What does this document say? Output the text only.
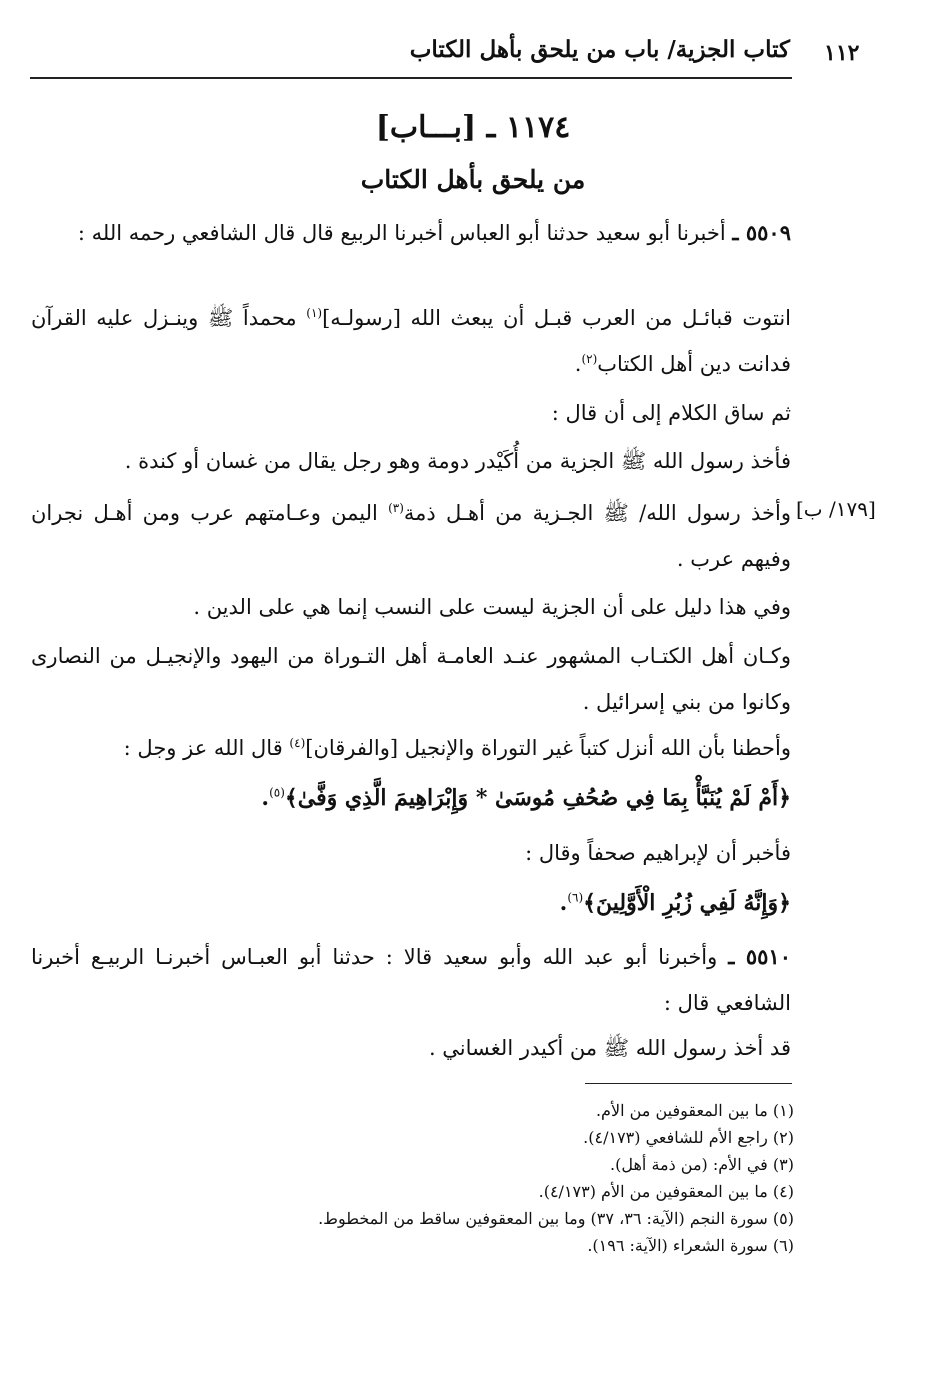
كتاب الجزية/ باب من يلحق بأهل الكتاب ١١٢
١١٧٤ ـ [بـــاب]
من يلحق بأهل الكتاب
٥٥٠٩ ـ أخبرنا أبو سعيد حدثنا أبو العباس أخبرنا الربيع قال قال الشافعي رحمه الله :
انتوت قبائـل من العرب قبـل أن يبعث الله [رسولـه]$^{(١)}$ محمداً ﷺ وينـزل عليه القرآن فدانت دين أهل الكتاب$^{(٢)}$.
ثم ساق الكلام إلى أن قال :
فأخذ رسول الله ﷺ الجزية من أُكَيْدر دومة وهو رجل يقال من غسان أو كندة .
[١٧٩/ ب]
وأخذ رسول الله/ ﷺ الجـزية من أهـل ذمة$^{(٣)}$ اليمن وعـامتهم عرب ومن أهـل نجران وفيهم عرب .
وفي هذا دليل على أن الجزية ليست على النسب إنما هي على الدين .
وكـان أهل الكتـاب المشهور عنـد العامـة أهل التـوراة من اليهود والإنجيـل من النصارى وكانوا من بني إسرائيل .
وأحطنا بأن الله أنزل كتباً غير التوراة والإنجيل [والفرقان]$^{(٤)}$ قال الله عز وجل :
﴿أَمْ لَمْ يُنَبَّأْ بِمَا فِي صُحُفِ مُوسَىٰ * وَإِبْرَاهِيمَ الَّذِي وَفَّىٰ﴾$^{(٥)}$.
فأخبر أن لإبراهيم صحفاً وقال :
﴿وَإِنَّهُ لَفِي زُبُرِ الْأَوَّلِينَ﴾$^{(٦)}$.
٥٥١٠ ـ وأخبرنا أبو عبد الله وأبو سعيد قالا : حدثنا أبو العبـاس أخبرنـا الربيـع أخبرنا الشافعي قال :
قد أخذ رسول الله ﷺ من أكيدر الغساني .
(١) ما بين المعقوفين من الأم.
(٢) راجع الأم للشافعي (٤/١٧٣).
(٣) في الأم: (من ذمة أهل).
(٤) ما بين المعقوفين من الأم (٤/١٧٣).
(٥) سورة النجم (الآية: ٣٦، ٣٧) وما بين المعقوفين ساقط من المخطوط.
(٦) سورة الشعراء (الآية: ١٩٦).
